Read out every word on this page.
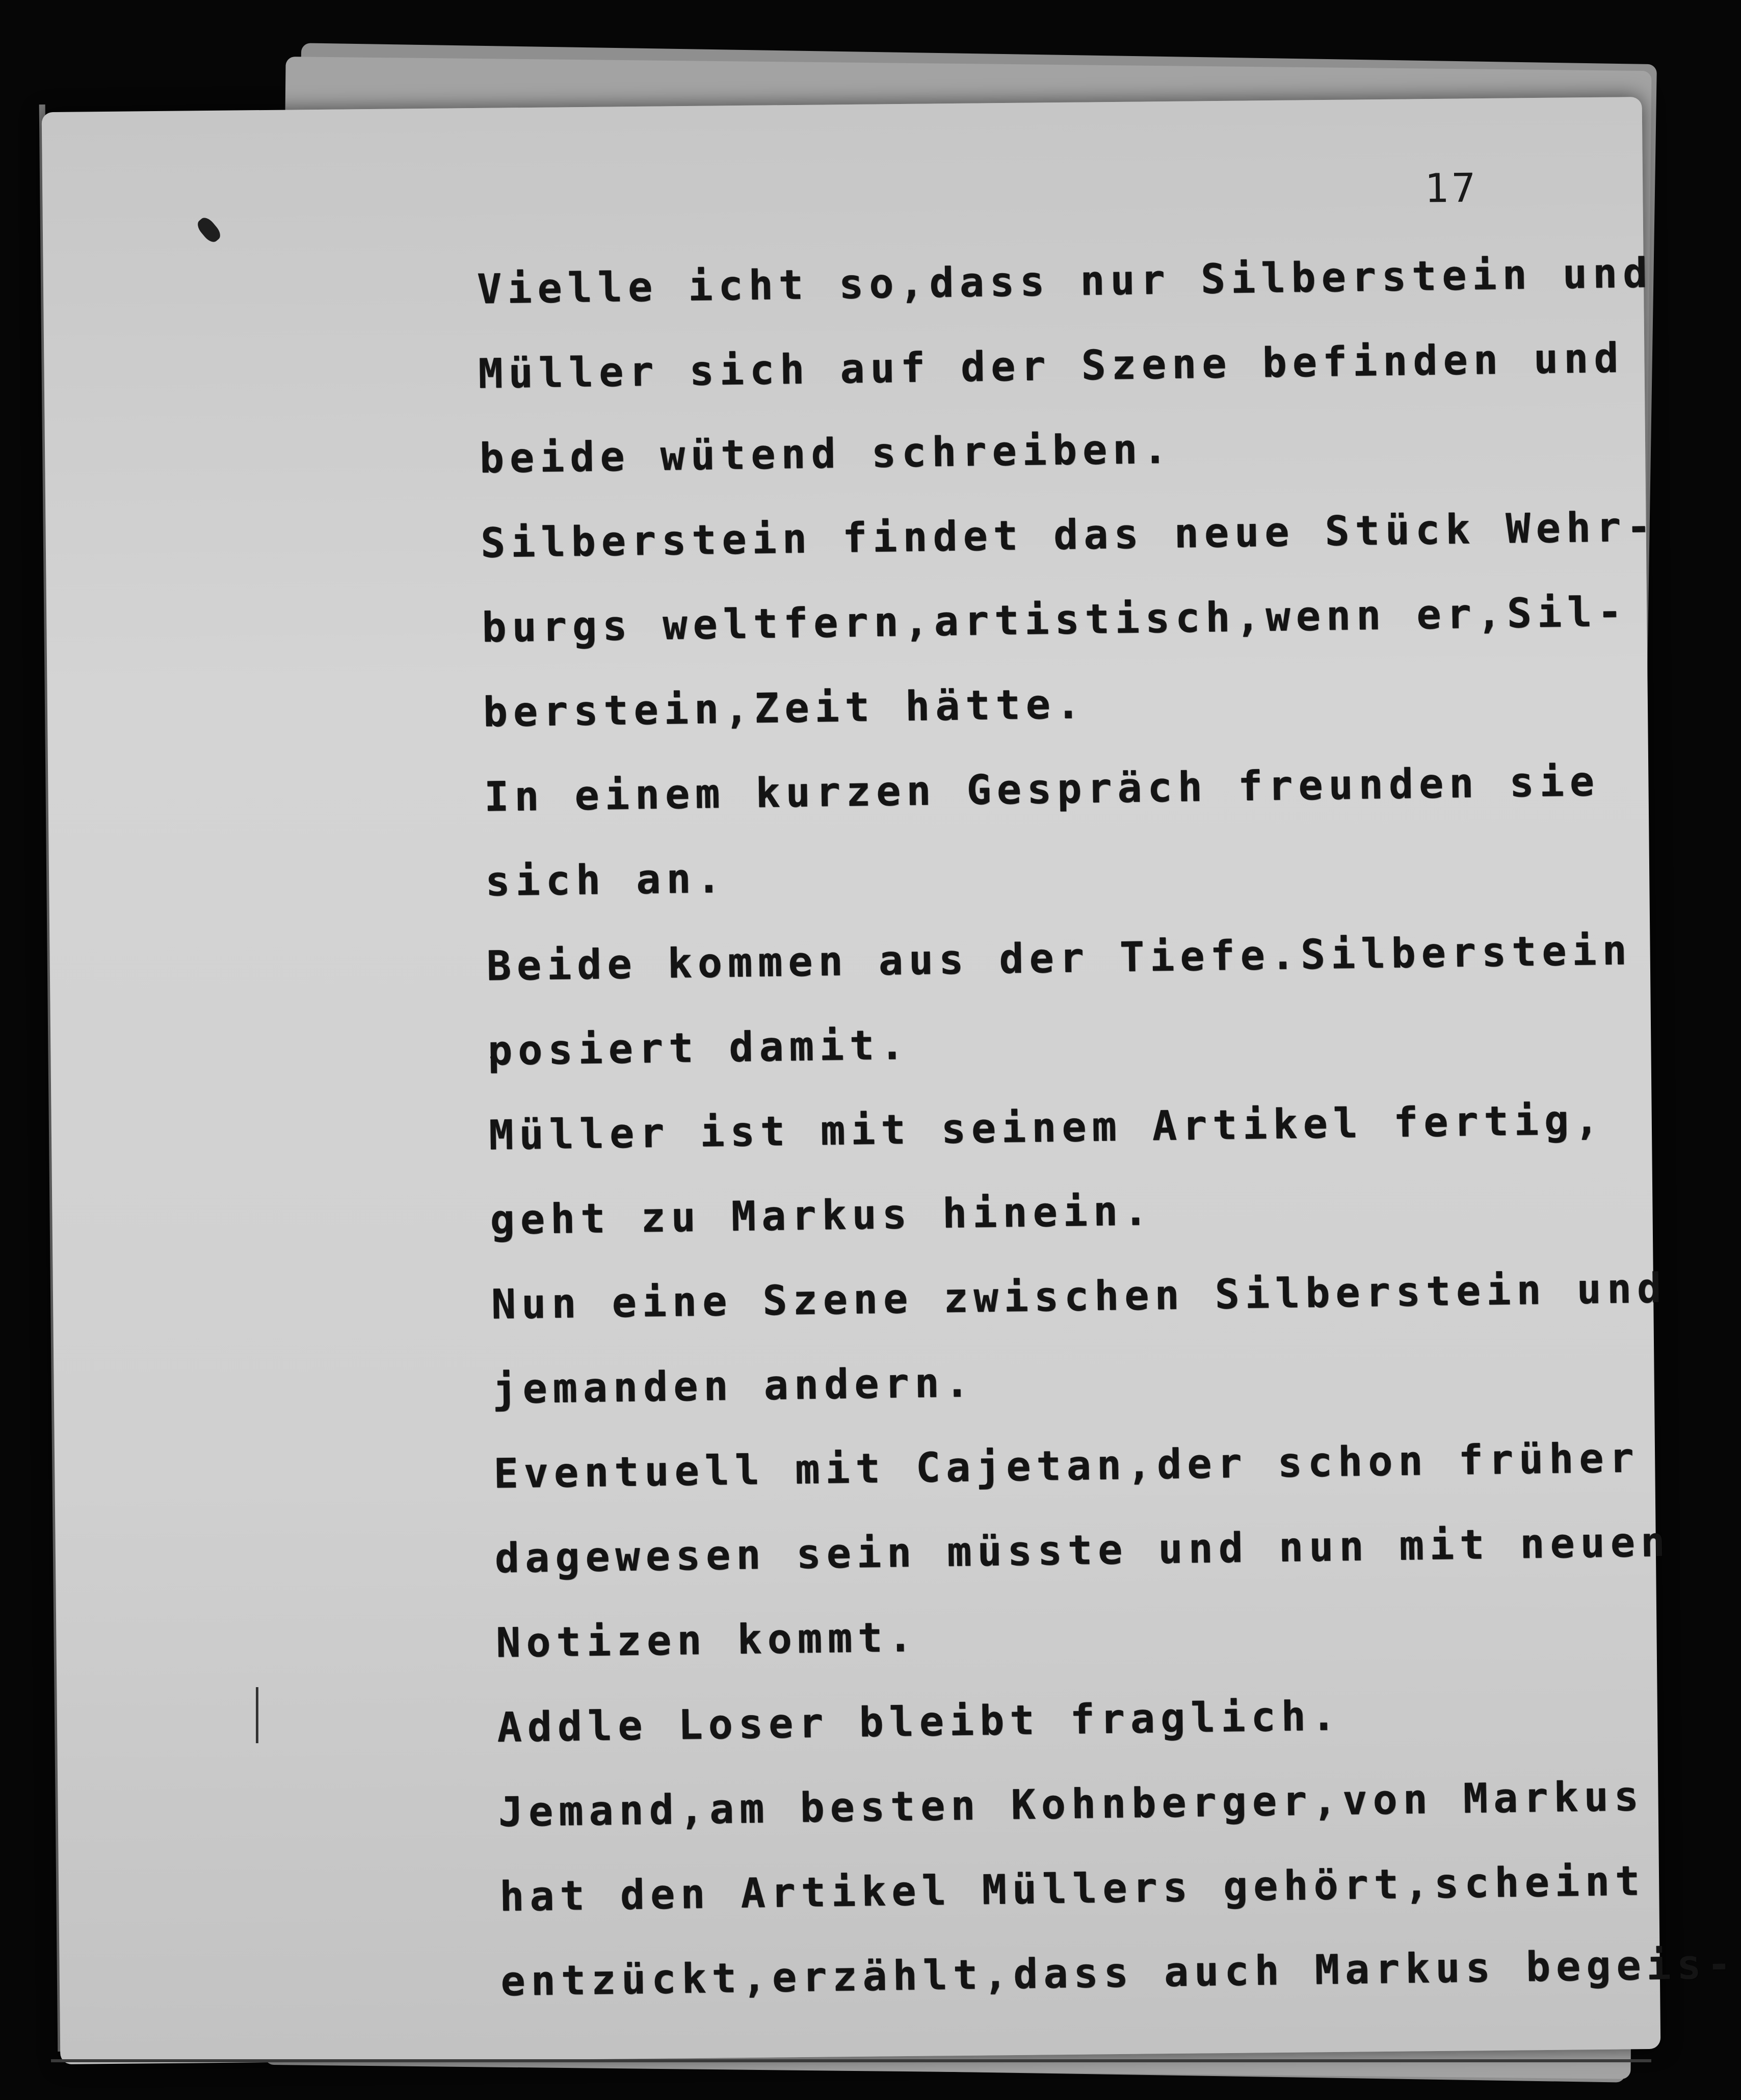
17
Vielle icht so,dass nur Silberstein und
Müller sich auf der Szene befinden und
beide wütend schreiben.
Silberstein findet das neue Stück Wehr-
burgs weltfern,artistisch,wenn er,Sil-
berstein,Zeit hätte.
In einem kurzen Gespräch freunden sie
sich an.
Beide kommen aus der Tiefe.Silberstein
posiert damit.
Müller ist mit seinem Artikel fertig,
geht zu Markus hinein.
Nun eine Szene zwischen Silberstein und
jemanden andern.
Eventuell mit Cajetan,der schon früher
dagewesen sein müsste und nun mit neuen
Notizen kommt.
Addle Loser bleibt fraglich.
Jemand,am besten Kohnberger,von Markus
hat den Artikel Müllers gehört,scheint
entzückt,erzählt,dass auch Markus begeis-
